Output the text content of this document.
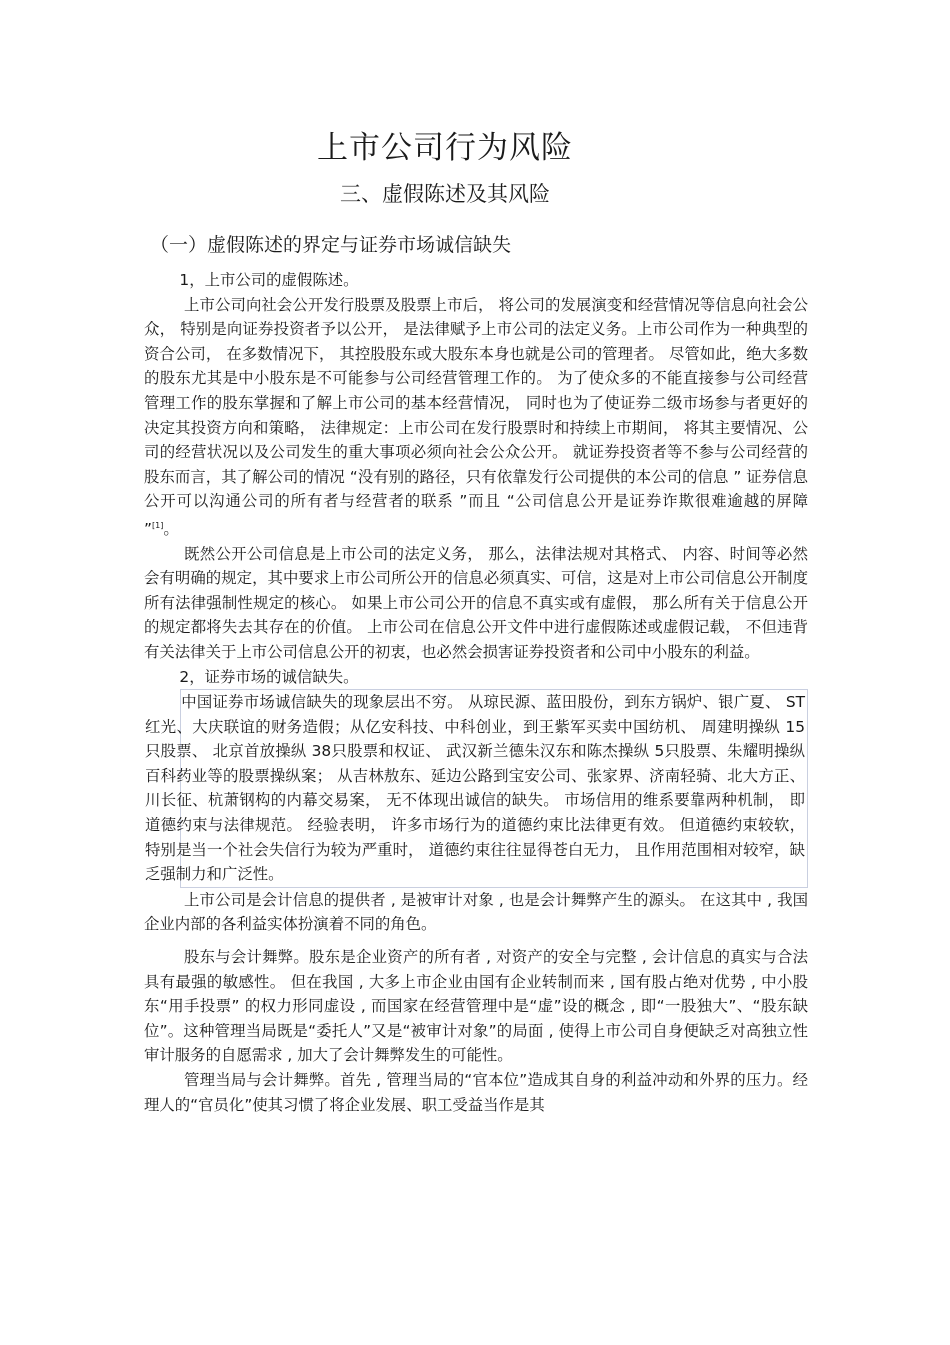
上市公司行为风险
三、虚假陈述及其风险
（一）虚假陈述的界定与证券市场诚信缺失

1，上市公司的虚假陈述。

上市公司向社会公开发行股票及股票上市后， 将公司的发展演变和经营情况等信息向社会公众， 特别是向证券投资者予以公开， 是法律赋予上市公司的法定义务。上市公司作为一种典型的资合公司， 在多数情况下， 其控股股东或大股东本身也就是公司的管理者。 尽管如此，绝大多数的股东尤其是中小股东是不可能参与公司经营管理工作的。 为了使众多的不能直接参与公司经营管理工作的股东掌握和了解上市公司的基本经营情况， 同时也为了使证券二级市场参与者更好的决定其投资方向和策略， 法律规定：上市公司在发行股票时和持续上市期间， 将其主要情况、公司的经营状况以及公司发生的重大事项必须向社会公众公开。 就证券投资者等不参与公司经营的股东而言，其了解公司的情况 “没有别的路径，只有依靠发行公司提供的本公司的信息 ” 证券信息公开可以沟通公司的所有者与经营者的联系 ”而且 “公司信息公开是证券诈欺很难逾越的屏障 ”[1]。

既然公开公司信息是上市公司的法定义务， 那么，法律法规对其格式、 内容、时间等必然会有明确的规定，其中要求上市公司所公开的信息必须真实、可信，这是对上市公司信息公开制度所有法律强制性规定的核心。 如果上市公司公开的信息不真实或有虚假， 那么所有关于信息公开的规定都将失去其存在的价值。 上市公司在信息公开文件中进行虚假陈述或虚假记载， 不但违背有关法律关于上市公司信息公开的初衷，也必然会损害证券投资者和公司中小股东的利益。

2，证券市场的诚信缺失。

中国证券市场诚信缺失的现象层出不穷。 从琼民源、蓝田股份，到东方锅炉、银广夏、 ST红光、大庆联谊的财务造假；从亿安科技、中科创业，到王紫军买卖中国纺机、 周建明操纵 15只股票、 北京首放操纵 38只股票和权证、 武汉新兰德朱汉东和陈杰操纵 5只股票、朱耀明操纵百科药业等的股票操纵案； 从吉林敖东、延边公路到宝安公司、张家界、济南轻骑、北大方正、川长征、杭萧钢构的内幕交易案， 无不体现出诚信的缺失。 市场信用的维系要靠两种机制， 即道德约束与法律规范。 经验表明， 许多市场行为的道德约束比法律更有效。 但道德约束较软，特别是当一个社会失信行为较为严重时， 道德约束往往显得苍白无力， 且作用范围相对较窄，缺乏强制力和广泛性。

上市公司是会计信息的提供者 , 是被审计对象 , 也是会计舞弊产生的源头。 在这其中 , 我国企业内部的各利益实体扮演着不同的角色。

股东与会计舞弊。股东是企业资产的所有者 , 对资产的安全与完整 , 会计信息的真实与合法具有最强的敏感性。 但在我国 , 大多上市企业由国有企业转制而来 , 国有股占绝对优势 , 中小股东“用手投票” 的权力形同虚设 , 而国家在经营管理中是“虚”设的概念 , 即“一股独大”、“股东缺位”。这种管理当局既是“委托人”又是“被审计对象”的局面 , 使得上市公司自身便缺乏对高独立性审计服务的自愿需求 , 加大了会计舞弊发生的可能性。

管理当局与会计舞弊。首先 , 管理当局的“官本位”造成其自身的利益冲动和外界的压力。经理人的“官员化”使其习惯了将企业发展、职工受益当作是其
